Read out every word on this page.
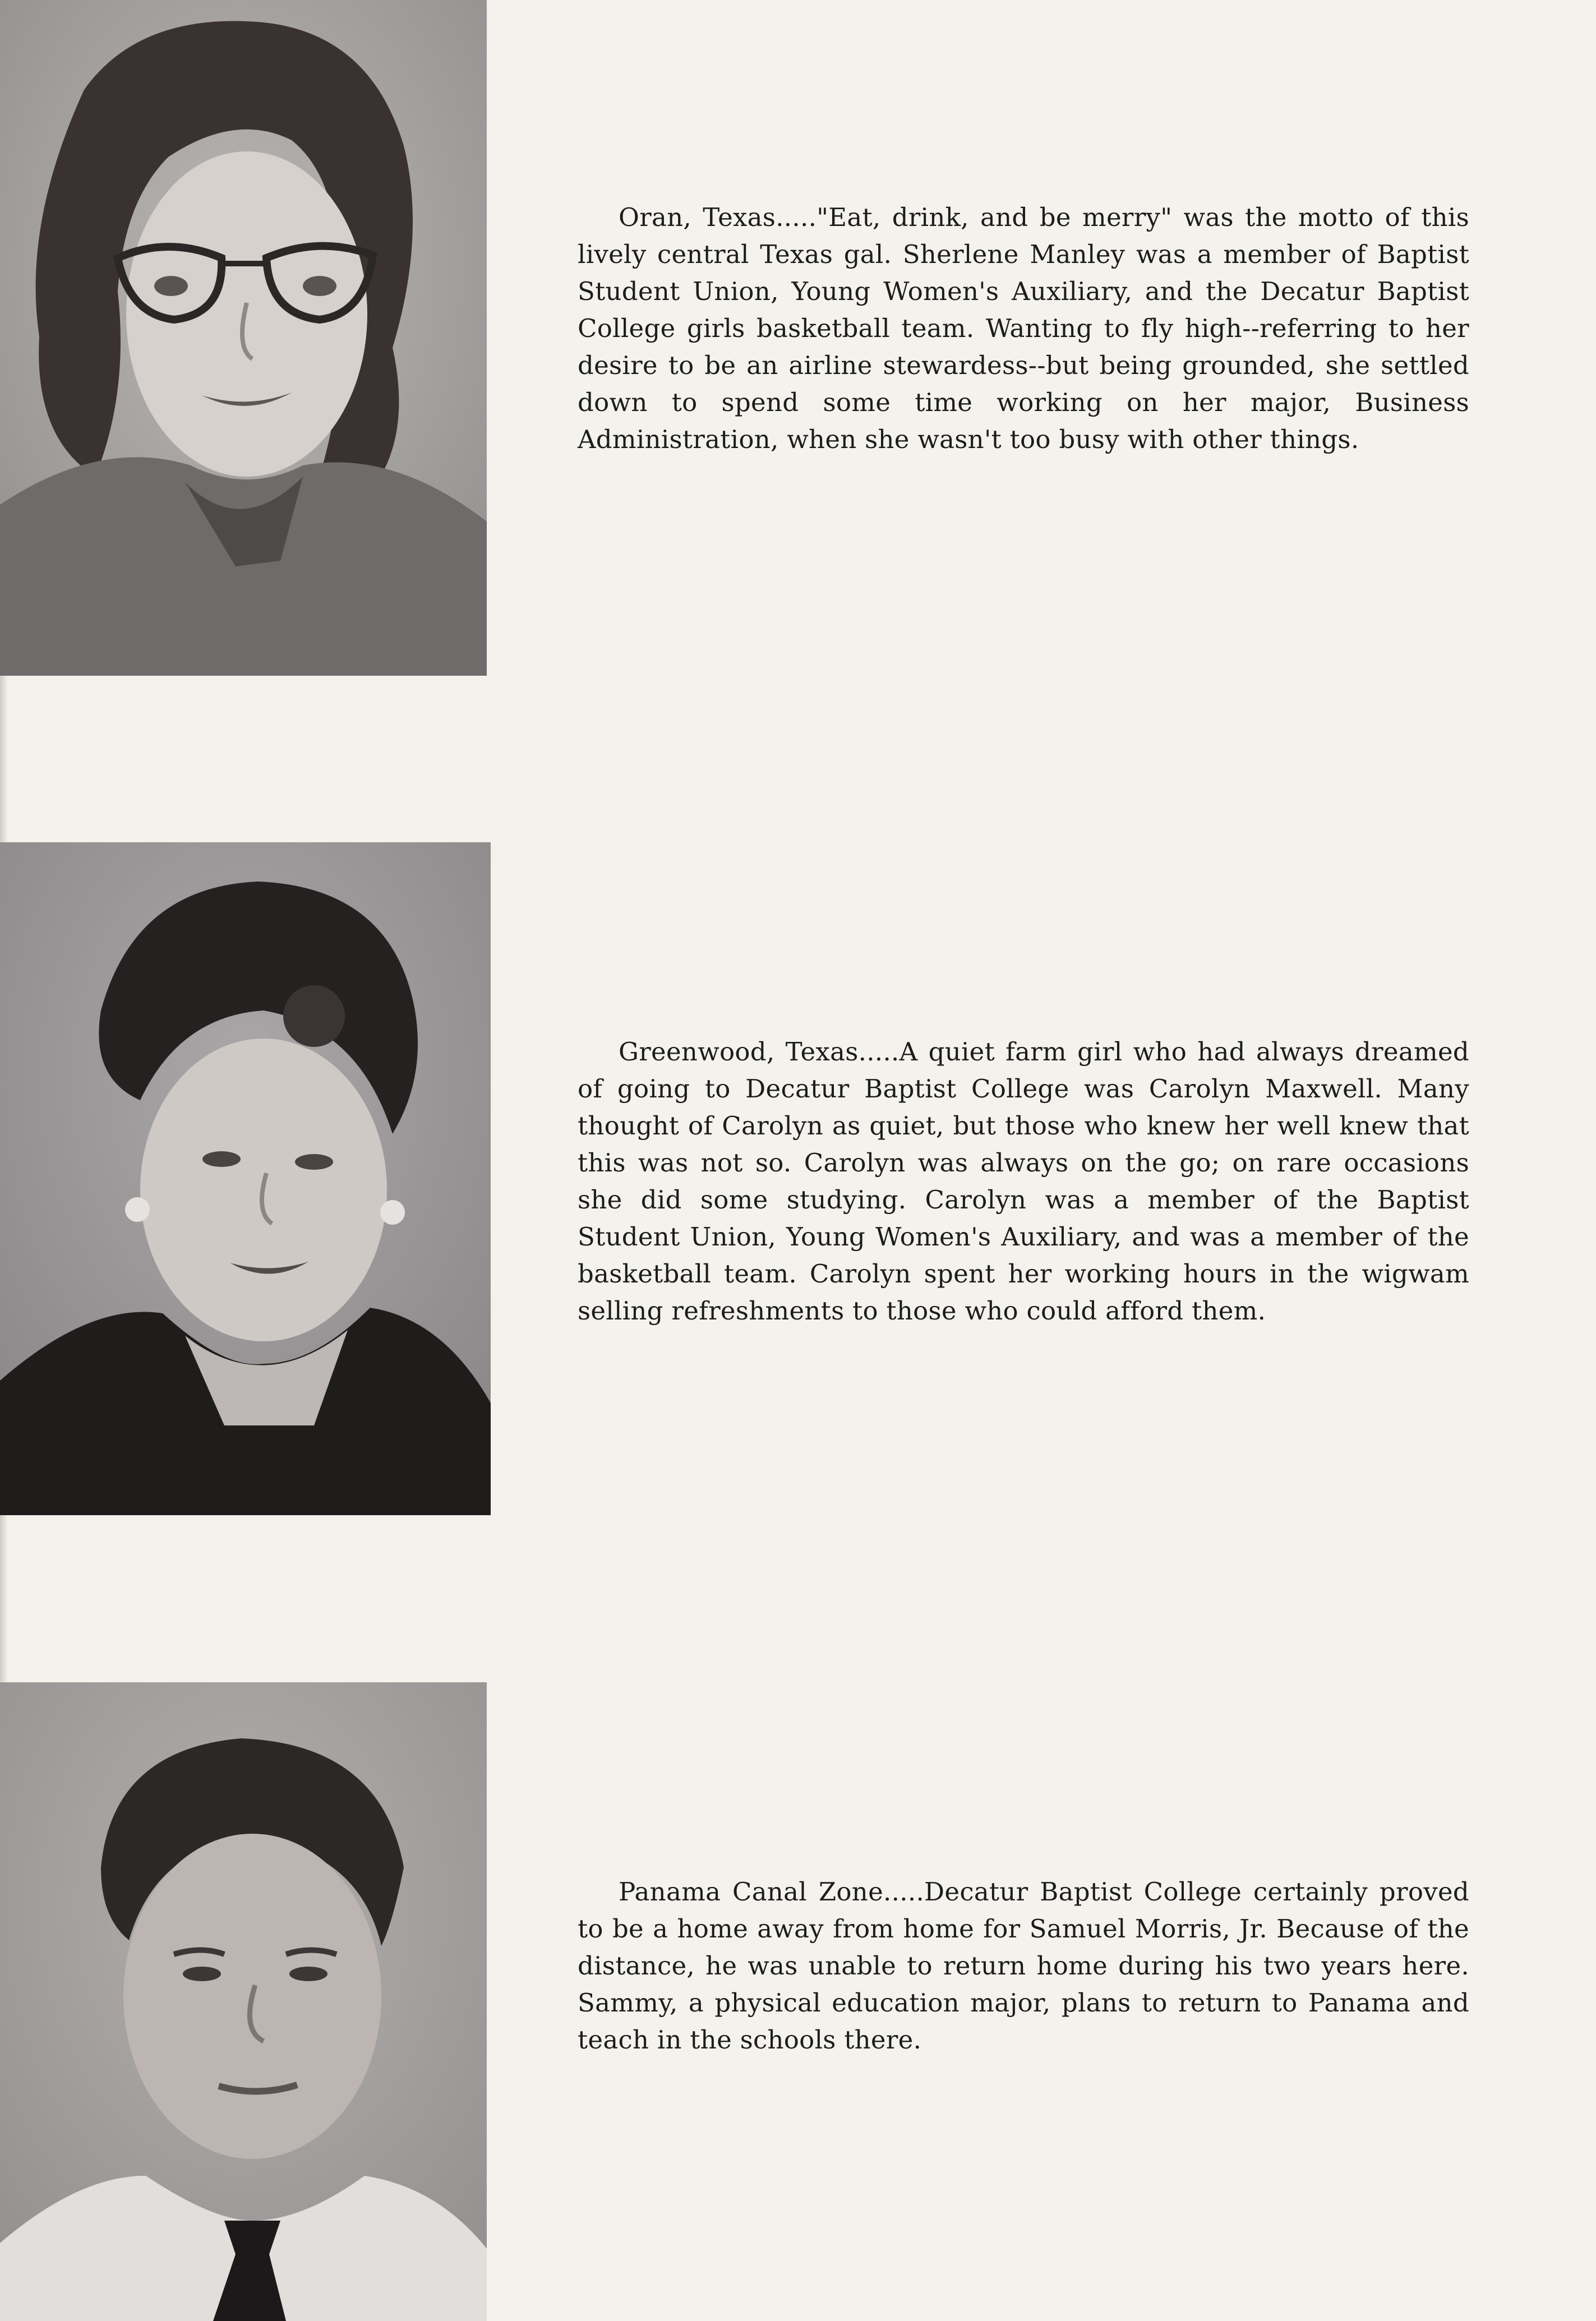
Oran, Texas....."Eat, drink, and be merry" was the motto of this lively central Texas gal. Sherlene Manley was a member of Baptist Student Union, Young Women's Auxiliary, and the Decatur Baptist College girls basketball team. Wanting to fly high--referring to her desire to be an airline stewardess--but being grounded, she settled down to spend some time working on her major, Business Administration, when she wasn't too busy with other things.

Greenwood, Texas.....A quiet farm girl who had always dreamed of going to Decatur Baptist College was Carolyn Maxwell. Many thought of Carolyn as quiet, but those who knew her well knew that this was not so. Carolyn was always on the go; on rare occasions she did some studying. Carolyn was a member of the Baptist Student Union, Young Women's Auxiliary, and was a member of the basketball team. Carolyn spent her working hours in the wigwam selling refreshments to those who could afford them.

Panama Canal Zone.....Decatur Baptist College certainly proved to be a home away from home for Samuel Morris, Jr. Because of the distance, he was unable to return home during his two years here. Sammy, a physical education major, plans to return to Panama and teach in the schools there.
